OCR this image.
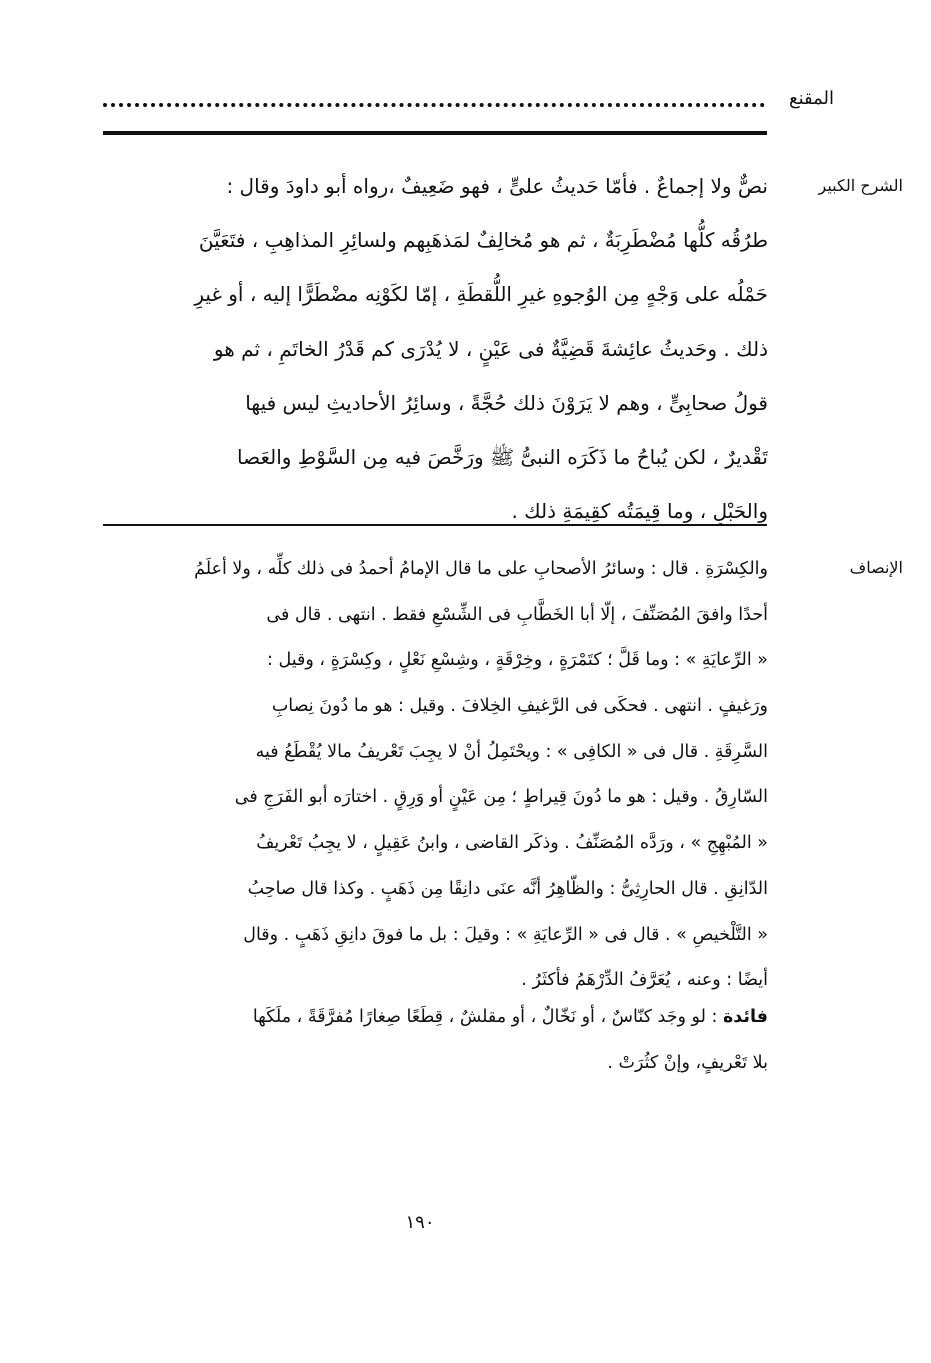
المقنع
الشرح الكبير
نصٌّ ولا إجماعٌ . فأمّا حَديثُ علىٍّ ، فهو ضَعِيفٌ ،رواه أبو داودَ وقال :
طرُقُه كلُّها مُضْطَرِبَةٌ ، ثم هو مُخالِفٌ لمَذهَبِهم ولسائِرِ المذاهِبِ ، فتَعَيَّنَ
حَمْلُه على وَجْهٍ مِن الوُجوهِ غيرِ اللُّقطَةِ ، إمّا لكَوْنِه مضْطَرًّا إليه ، أو غيرِ
ذلك . وحَديثُ عائِشةَ قَضِيَّةٌ فى عَيْنٍ ، لا يُدْرَى كم قَدْرُ الخاتَمِ ، ثم هو
قولُ صحابِىٍّ ، وهم لا يَرَوْنَ ذلك حُجَّةً ، وسائِرُ الأحاديثِ ليس فيها
تَقْديرٌ ، لكن يُباحُ ما ذَكَرَه النبىُّ ﷺ ورَخَّصَ فيه مِن السَّوْطِ والعَصا
والحَبْلِ ، وما قِيمَتُه كقِيمَةِ ذلك .
الإنصاف
والكِسْرَةِ . قال : وسائرُ الأصحابِ على ما قال الإمامُ أحمدُ فى ذلك كلِّه ، ولا أعلَمُ
أحدًا وافقَ المُصَنِّفَ ، إلّا أبا الخَطَّابِ فى الشِّسْعِ فقط . انتهى . قال فى
« الرِّعايَةِ » : وما قَلَّ ؛ كتَمْرَةٍ ، وخِرْقَةٍ ، وشِسْعِ نَعْلٍ ، وكِسْرَةٍ ، وقيل :
ورَغيفٍ . انتهى . فحكَى فى الرَّغيفِ الخِلافَ . وقيل : هو ما دُونَ نِصابِ
السَّرِقَةِ . قال فى « الكافِى » : ويحْتَمِلُ أنْ لا يجِبَ تَعْريفُ مالا يُقْطَعُ فيه
السّارِقُ . وقيل : هو ما دُونَ قِيراطٍ ؛ مِن عَيْنٍ أو وَرِقٍ . اختارَه أبو الفَرَجِ فى
« المُبْهِجِ » ، ورَدَّه المُصَنِّفُ . وذكَر القاضى ، وابنُ عَقِيلٍ ، لا يجِبُ تَعْريفُ
الدّانِقِ . قال الحارِثِىُّ : والظّاهِرُ أنَّه عنَى دانِقًا مِن ذَهَبٍ . وكذا قال صاحِبُ
« التَّلْخيصِ » . قال فى « الرِّعايَةِ » : وقيلَ : بل ما فوقَ دانِقِ ذَهَبٍ . وقال
أيضًا : وعنه ، يُعَرَّفُ الدِّرْهَمُ فأكثَرُ .
فائدة : لو وجَد كنّاسٌ ، أو نَخّالٌ ، أو مقلشٌ ، قِطَعًا صِغارًا مُفرَّقَةً ، ملَكَها
بلا تَعْريفٍ، وإنْ كثُرَتْ .
١٩٠
